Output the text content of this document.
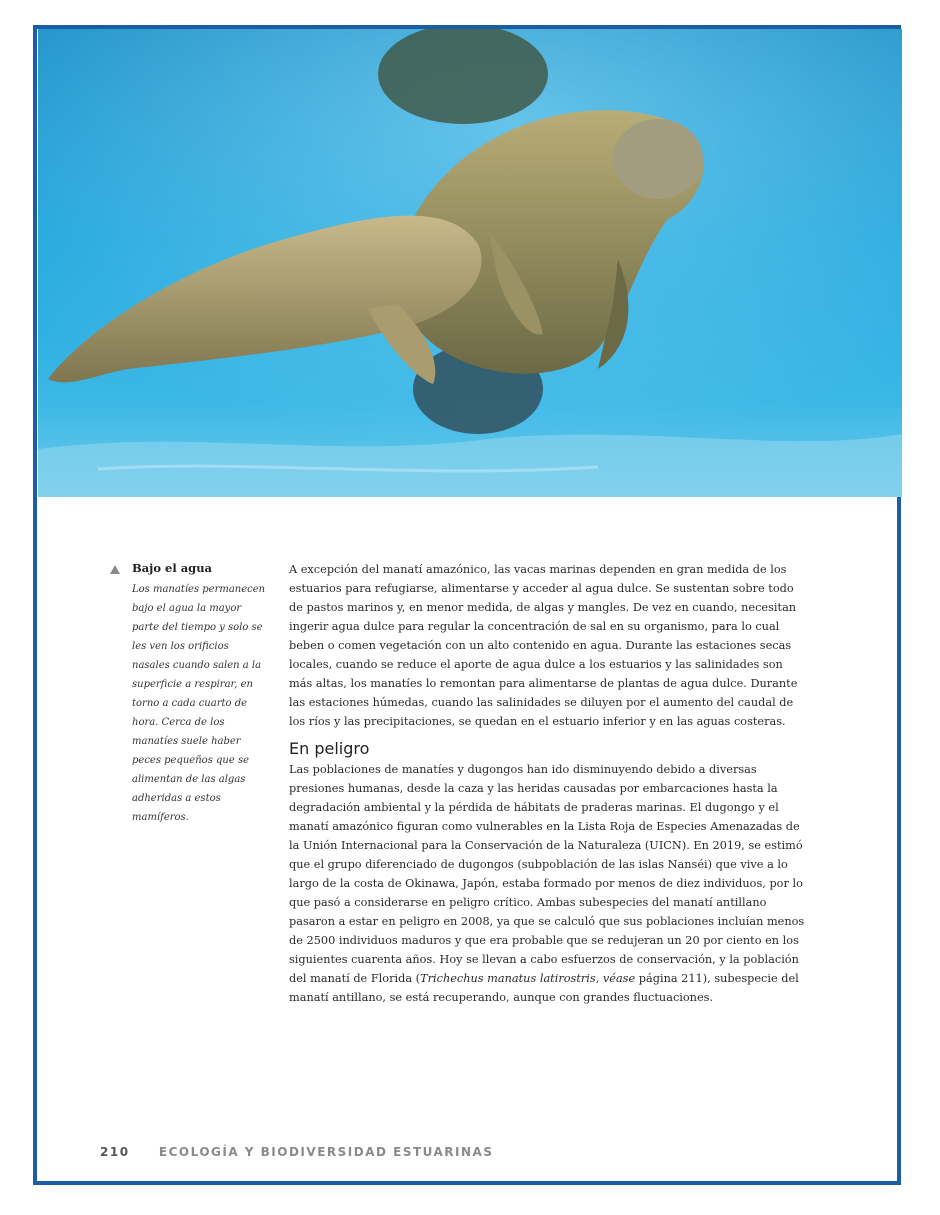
Bajo el agua
Los manatíes permanecen bajo el agua la mayor parte del tiempo y solo se les ven los orificios nasales cuando salen a la superficie a respirar, en torno a cada cuarto de hora. Cerca de los manatíes suele haber peces pequeños que se alimentan de las algas adheridas a estos mamíferos.

A excepción del manatí amazónico, las vacas marinas dependen en gran medida de los estuarios para refugiarse, alimentarse y acceder al agua dulce. Se sustentan sobre todo de pastos marinos y, en menor medida, de algas y mangles. De vez en cuando, necesitan ingerir agua dulce para regular la concentración de sal en su organismo, para lo cual beben o comen vegetación con un alto contenido en agua. Durante las estaciones secas locales, cuando se reduce el aporte de agua dulce a los estuarios y las salinidades son más altas, los manatíes lo remontan para alimentarse de plantas de agua dulce. Durante las estaciones húmedas, cuando las salinidades se diluyen por el aumento del caudal de los ríos y las precipitaciones, se quedan en el estuario inferior y en las aguas costeras.

En peligro

Las poblaciones de manatíes y dugongos han ido disminuyendo debido a diversas presiones humanas, desde la caza y las heridas causadas por embarcaciones hasta la degradación ambiental y la pérdida de hábitats de praderas marinas. El dugongo y el manatí amazónico figuran como vulnerables en la Lista Roja de Especies Amenazadas de la Unión Internacional para la Conservación de la Naturaleza (UICN). En 2019, se estimó que el grupo diferenciado de dugongos (subpoblación de las islas Nanséi) que vive a lo largo de la costa de Okinawa, Japón, estaba formado por menos de diez individuos, por lo que pasó a considerarse en peligro crítico. Ambas subespecies del manatí antillano pasaron a estar en peligro en 2008, ya que se calculó que sus poblaciones incluían menos de 2500 individuos maduros y que era probable que se redujeran un 20 por ciento en los siguientes cuarenta años. Hoy se llevan a cabo esfuerzos de conservación, y la población del manatí de Florida (Trichechus manatus latirostris, véase página 211), subespecie del manatí antillano, se está recuperando, aunque con grandes fluctuaciones.

210 ECOLOGÍA Y BIODIVERSIDAD ESTUARINAS
